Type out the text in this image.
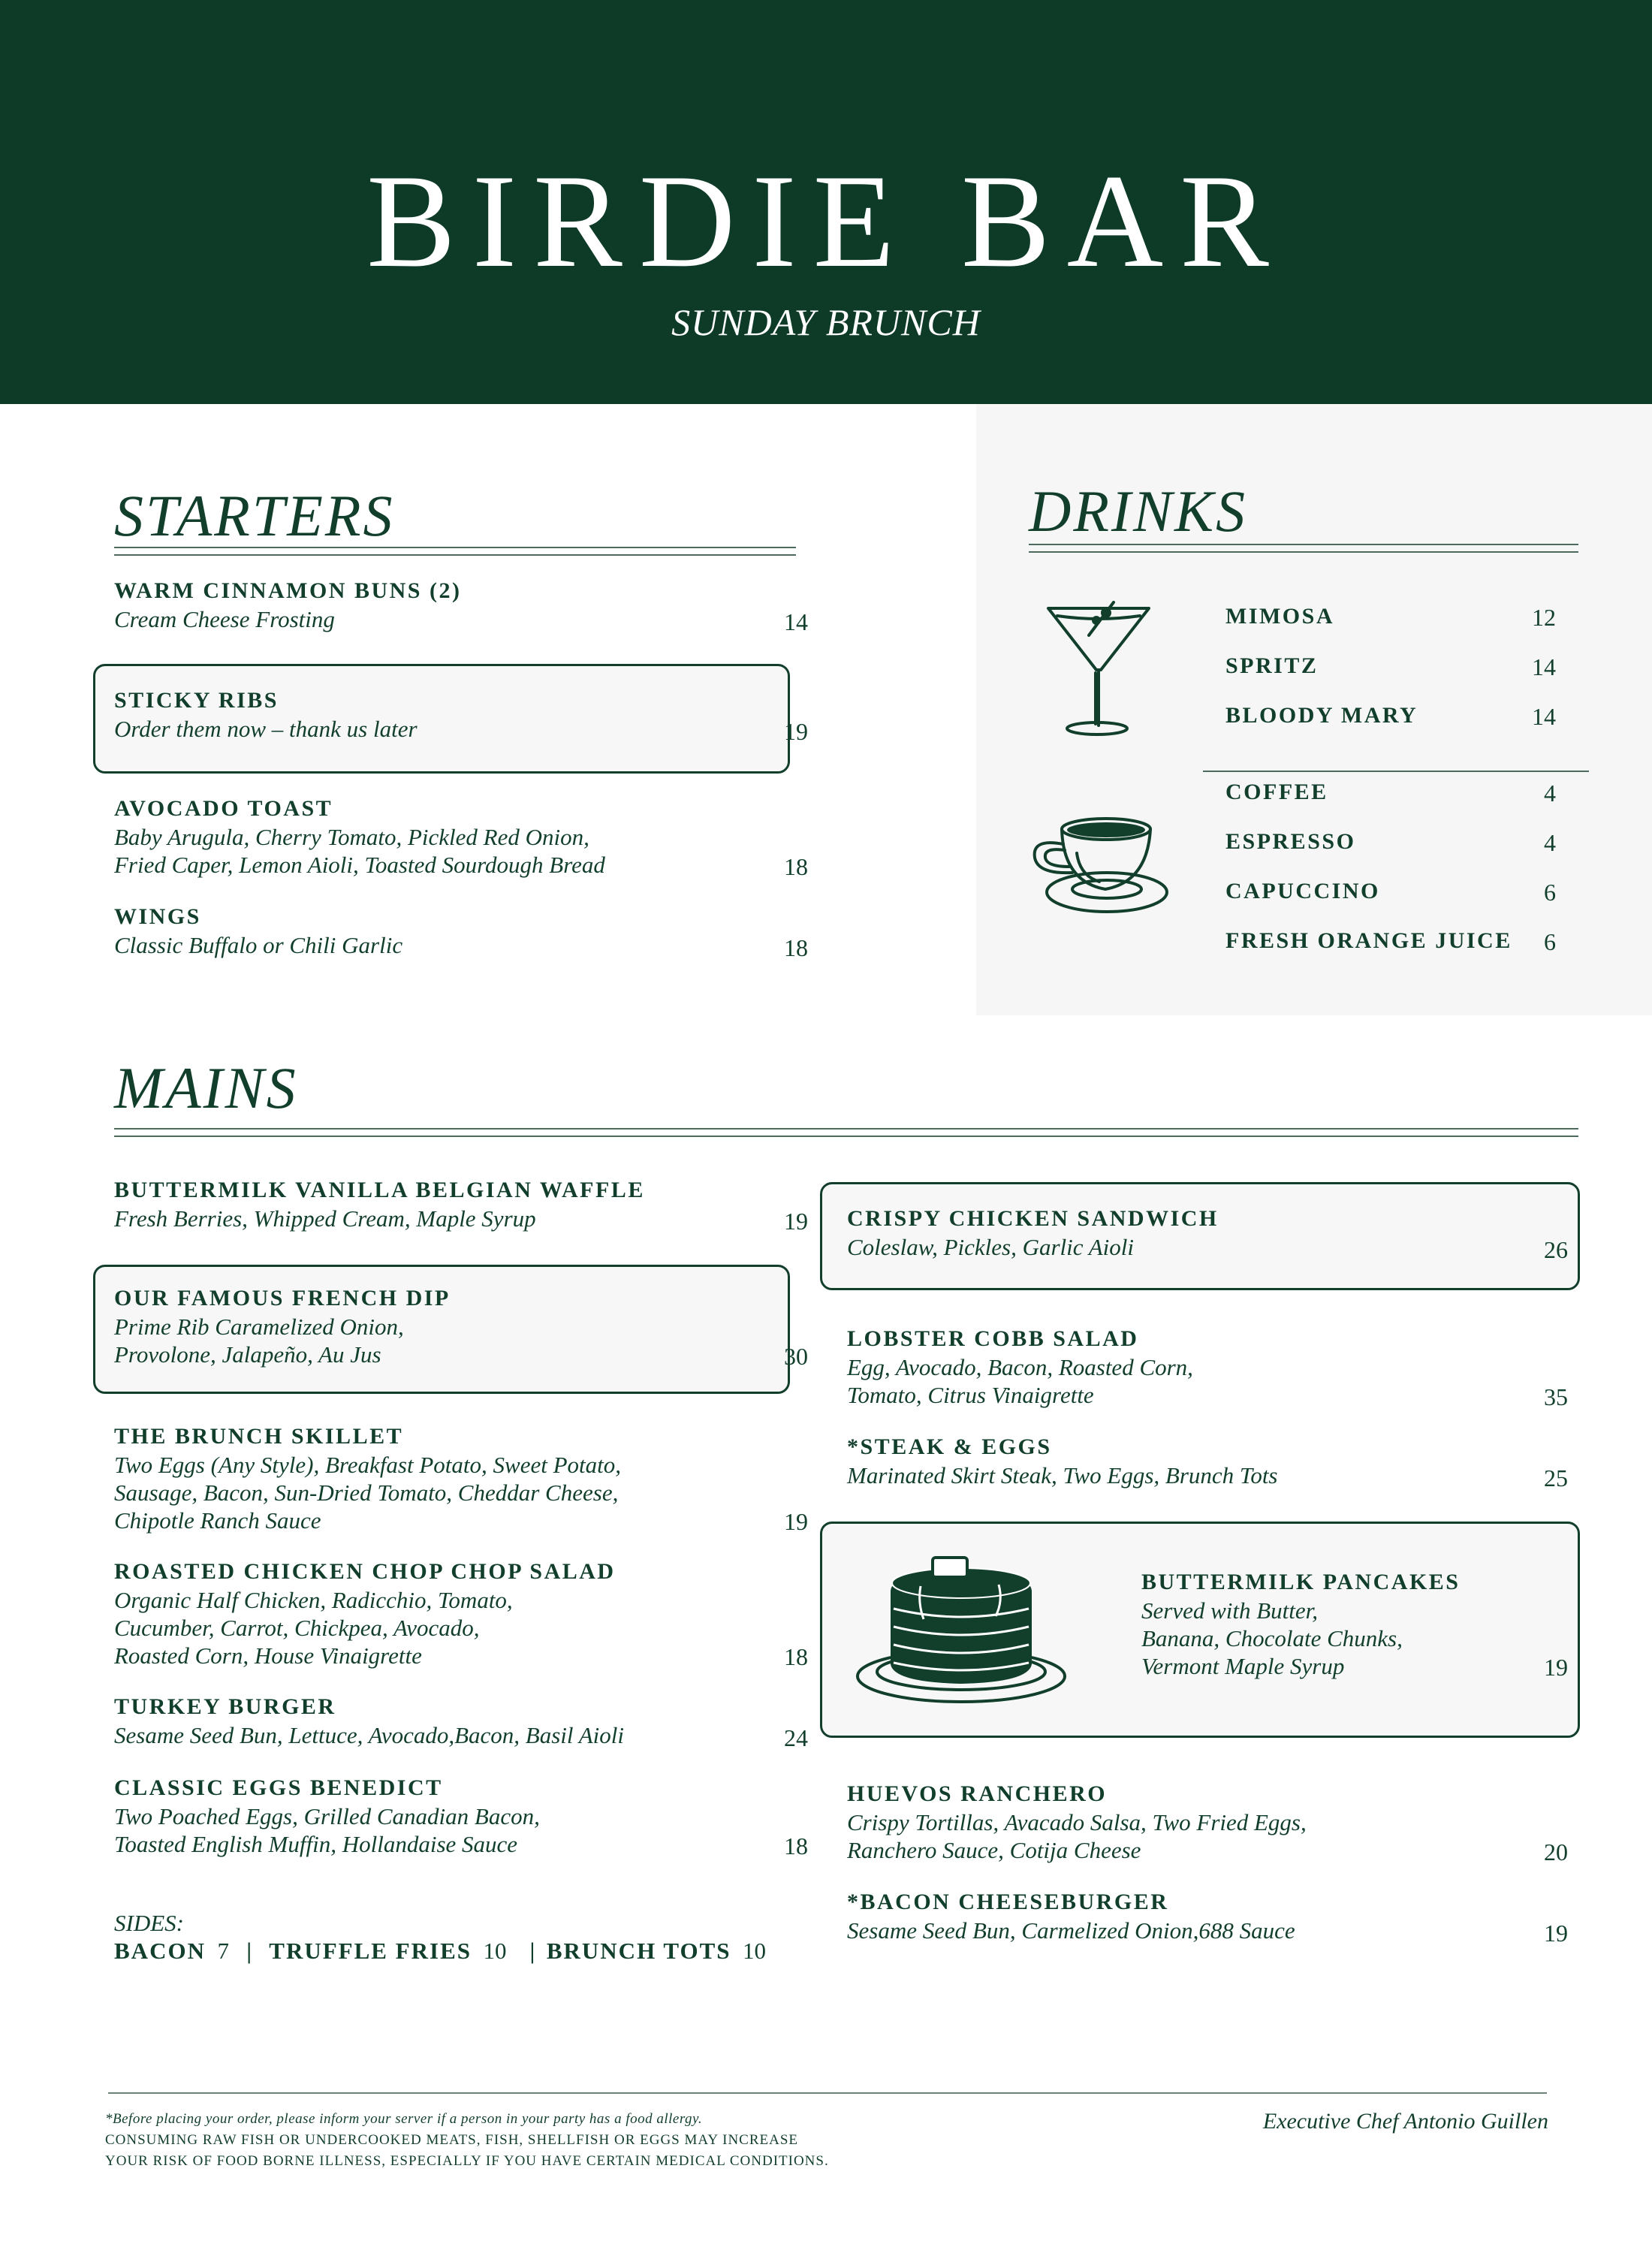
BIRDIE BAR
SUNDAY BRUNCH
STARTERS
WARM CINNAMON BUNS (2)
Cream Cheese Frosting	14
STICKY RIBS
Order them now – thank us later	19
AVOCADO TOAST
Baby Arugula, Cherry Tomato, Pickled Red Onion,
Fried Caper, Lemon Aioli, Toasted Sourdough Bread	18
WINGS
Classic Buffalo or Chili Garlic	18
DRINKS
MIMOSA	12
SPRITZ	14
BLOODY MARY	14
COFFEE	4
ESPRESSO	4
CAPUCCINO	6
FRESH ORANGE JUICE	6
MAINS
BUTTERMILK VANILLA BELGIAN WAFFLE
Fresh Berries, Whipped Cream, Maple Syrup	19
OUR FAMOUS FRENCH DIP
Prime Rib Caramelized Onion,
Provolone, Jalapeño, Au Jus	30
THE BRUNCH SKILLET
Two Eggs (Any Style), Breakfast Potato, Sweet Potato,
Sausage, Bacon, Sun-Dried Tomato, Cheddar Cheese,
Chipotle Ranch Sauce	19
ROASTED CHICKEN CHOP CHOP SALAD
Organic Half Chicken, Radicchio, Tomato,
Cucumber, Carrot, Chickpea, Avocado,
Roasted Corn, House Vinaigrette	18
TURKEY BURGER
Sesame Seed Bun, Lettuce, Avocado,Bacon, Basil Aioli	24
CLASSIC EGGS BENEDICT
Two Poached Eggs, Grilled Canadian Bacon,
Toasted English Muffin, Hollandaise Sauce	18
SIDES:
BACON 7 | TRUFFLE FRIES 10 | BRUNCH TOTS 10
CRISPY CHICKEN SANDWICH
Coleslaw, Pickles, Garlic Aioli	26
LOBSTER COBB SALAD
Egg, Avocado, Bacon, Roasted Corn,
Tomato, Citrus Vinaigrette	35
*STEAK & EGGS
Marinated Skirt Steak, Two Eggs, Brunch Tots	25
BUTTERMILK PANCAKES
Served with Butter,
Banana, Chocolate Chunks,
Vermont Maple Syrup	19
HUEVOS RANCHERO
Crispy Tortillas, Avacado Salsa, Two Fried Eggs,
Ranchero Sauce, Cotija Cheese	20
*BACON CHEESEBURGER
Sesame Seed Bun, Carmelized Onion,688 Sauce	19
*Before placing your order, please inform your server if a person in your party has a food allergy.
CONSUMING RAW FISH OR UNDERCOOKED MEATS, FISH, SHELLFISH OR EGGS MAY INCREASE
YOUR RISK OF FOOD BORNE ILLNESS, ESPECIALLY IF YOU HAVE CERTAIN MEDICAL CONDITIONS.
Executive Chef Antonio Guillen
